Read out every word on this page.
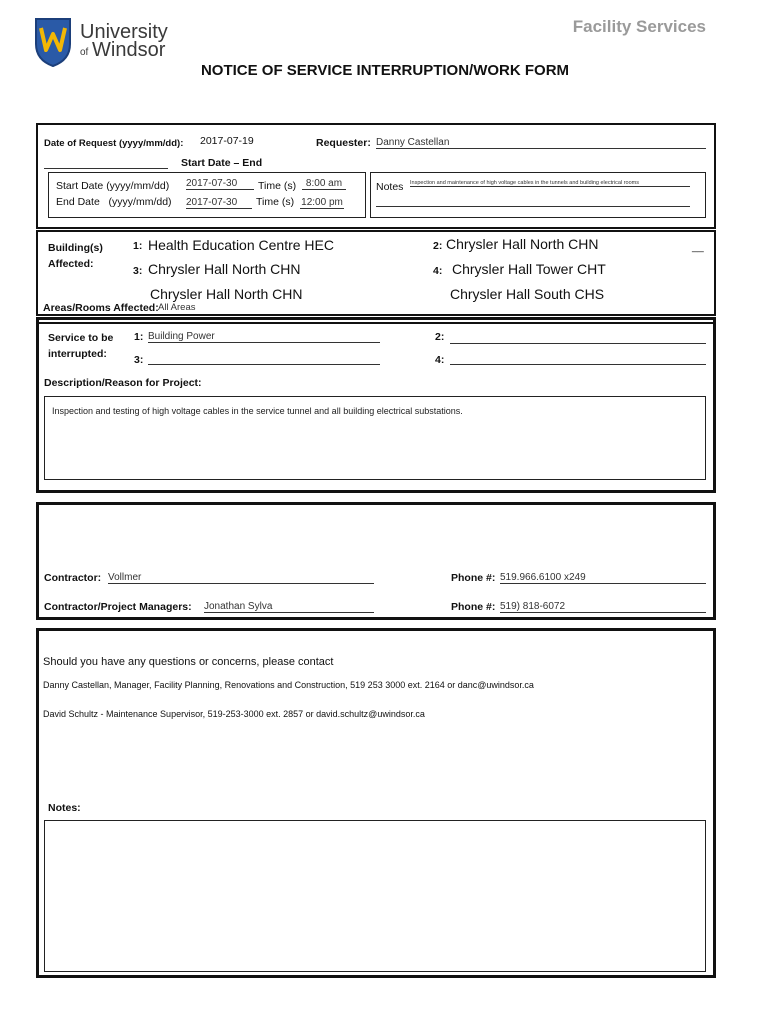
University
of Windsor
Facility Services
NOTICE OF SERVICE INTERRUPTION/WORK FORM
Date of Request (yyyy/mm/dd): 2017-07-19	Requester: Danny Castellan
Start Date – End
Start Date (yyyy/mm/dd) 2017-07-30	Time (s) 8:00 am
End Date   (yyyy/mm/dd) 2017-07-30	Time (s) 12:00 pm
Notes Inspection and maintenance of high voltage cables in the tunnels and building electrical rooms
Building(s)
Affected:
1: Health Education Centre HEC	2: Chrysler Hall North CHN	__
3: Chrysler Hall North CHN	4: Chrysler Hall Tower CHT
Chrysler Hall North CHN	Chrysler Hall South CHS
Areas/Rooms Affected: All Areas
Service to be
interrupted:
1: Building Power	2:
3:	4:
Description/Reason for Project:
Inspection and testing of high voltage cables in the service tunnel and all building electrical substations.
Contractor: Vollmer	Phone #: 519.966.6100 x249
Contractor/Project Managers: Jonathan Sylva	Phone #: 519) 818-6072
Should you have any questions or concerns, please contact
Danny Castellan, Manager, Facility Planning, Renovations and Construction, 519 253 3000 ext. 2164 or danc@uwindsor.ca
David Schultz - Maintenance Supervisor, 519-253-3000 ext. 2857 or david.schultz@uwindsor.ca
Notes:
